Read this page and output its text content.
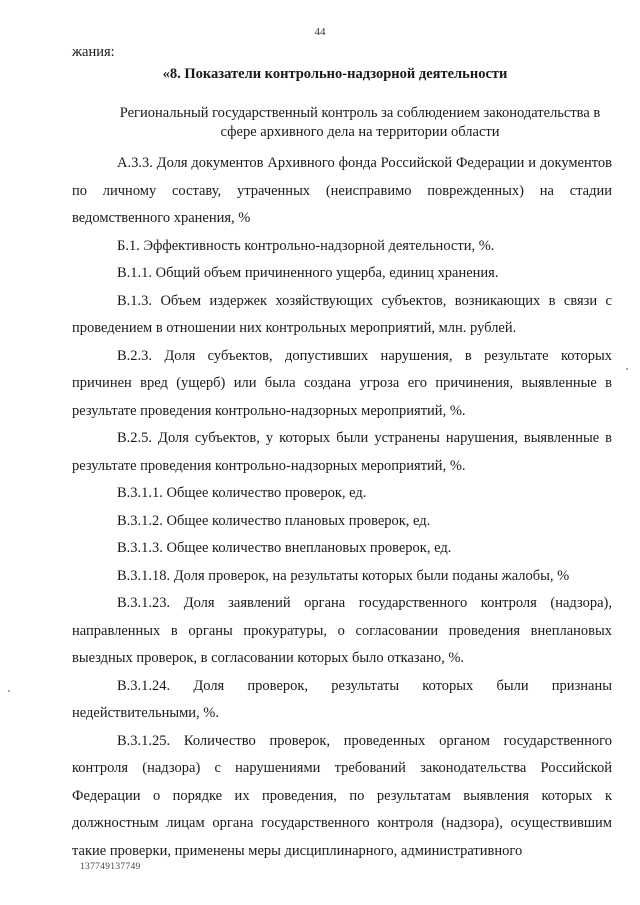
44
жания:
«8. Показатели контрольно-надзорной деятельности
Региональный государственный контроль за соблюдением законодательства в сфере архивного дела на территории области

А.3.3. Доля документов Архивного фонда Российской Федерации и документов по личному составу, утраченных (неисправимо поврежденных) на стадии ведомственного хранения, %

Б.1. Эффективность контрольно-надзорной деятельности, %.

В.1.1. Общий объем причиненного ущерба, единиц хранения.

В.1.3. Объем издержек хозяйствующих субъектов, возникающих в связи с проведением в отношении них контрольных мероприятий, млн. рублей.

В.2.3. Доля субъектов, допустивших нарушения, в результате которых причинен вред (ущерб) или была создана угроза его причинения, выявленные в результате проведения контрольно-надзорных мероприятий, %.

В.2.5. Доля субъектов, у которых были устранены нарушения, выявленные в результате проведения контрольно-надзорных мероприятий, %.

В.3.1.1. Общее количество проверок, ед.

В.3.1.2. Общее количество плановых проверок, ед.

В.3.1.3. Общее количество внеплановых проверок, ед.

В.3.1.18. Доля проверок, на результаты которых были поданы жалобы, %

В.3.1.23. Доля заявлений органа государственного контроля (надзора), направленных в органы прокуратуры, о согласовании проведения внеплановых выездных проверок, в согласовании которых было отказано, %.

В.3.1.24. Доля проверок, результаты которых были признаны недействительными, %.

В.3.1.25. Количество проверок, проведенных органом государственного контроля (надзора) с нарушениями требований законодательства Российской Федерации о порядке их проведения, по результатам выявления которых к должностным лицам органа государственного контроля (надзора), осуществившим такие проверки, применены меры дисциплинарного, административного

137749137749
